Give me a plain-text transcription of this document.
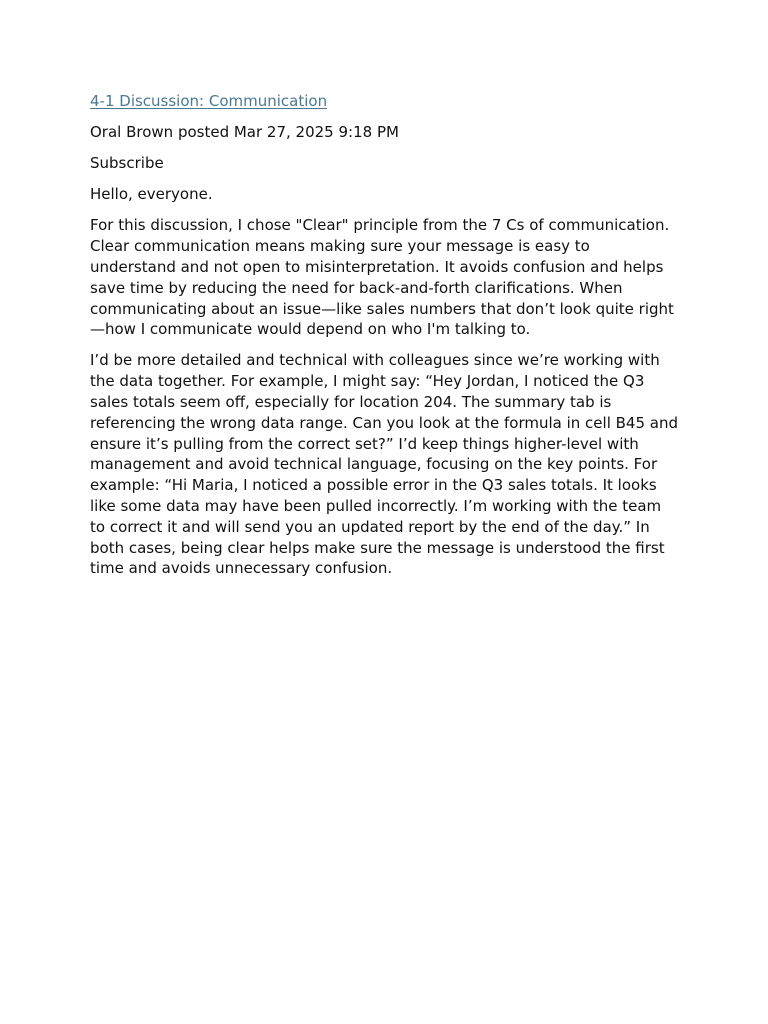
4-1 Discussion: Communication

Oral Brown posted Mar 27, 2025 9:18 PM

Subscribe

Hello, everyone.

For this discussion, I chose "Clear" principle from the 7 Cs of communication. Clear communication means making sure your message is easy to understand and not open to misinterpretation. It avoids confusion and helps save time by reducing the need for back-and-forth clarifications. When communicating about an issue—like sales numbers that don’t look quite right—how I communicate would depend on who I'm talking to.

I’d be more detailed and technical with colleagues since we’re working with the data together. For example, I might say: “Hey Jordan, I noticed the Q3 sales totals seem off, especially for location 204. The summary tab is referencing the wrong data range. Can you look at the formula in cell B45 and ensure it’s pulling from the correct set?” I’d keep things higher-level with management and avoid technical language, focusing on the key points. For example: “Hi Maria, I noticed a possible error in the Q3 sales totals. It looks like some data may have been pulled incorrectly. I’m working with the team to correct it and will send you an updated report by the end of the day.” In both cases, being clear helps make sure the message is understood the first time and avoids unnecessary confusion.
